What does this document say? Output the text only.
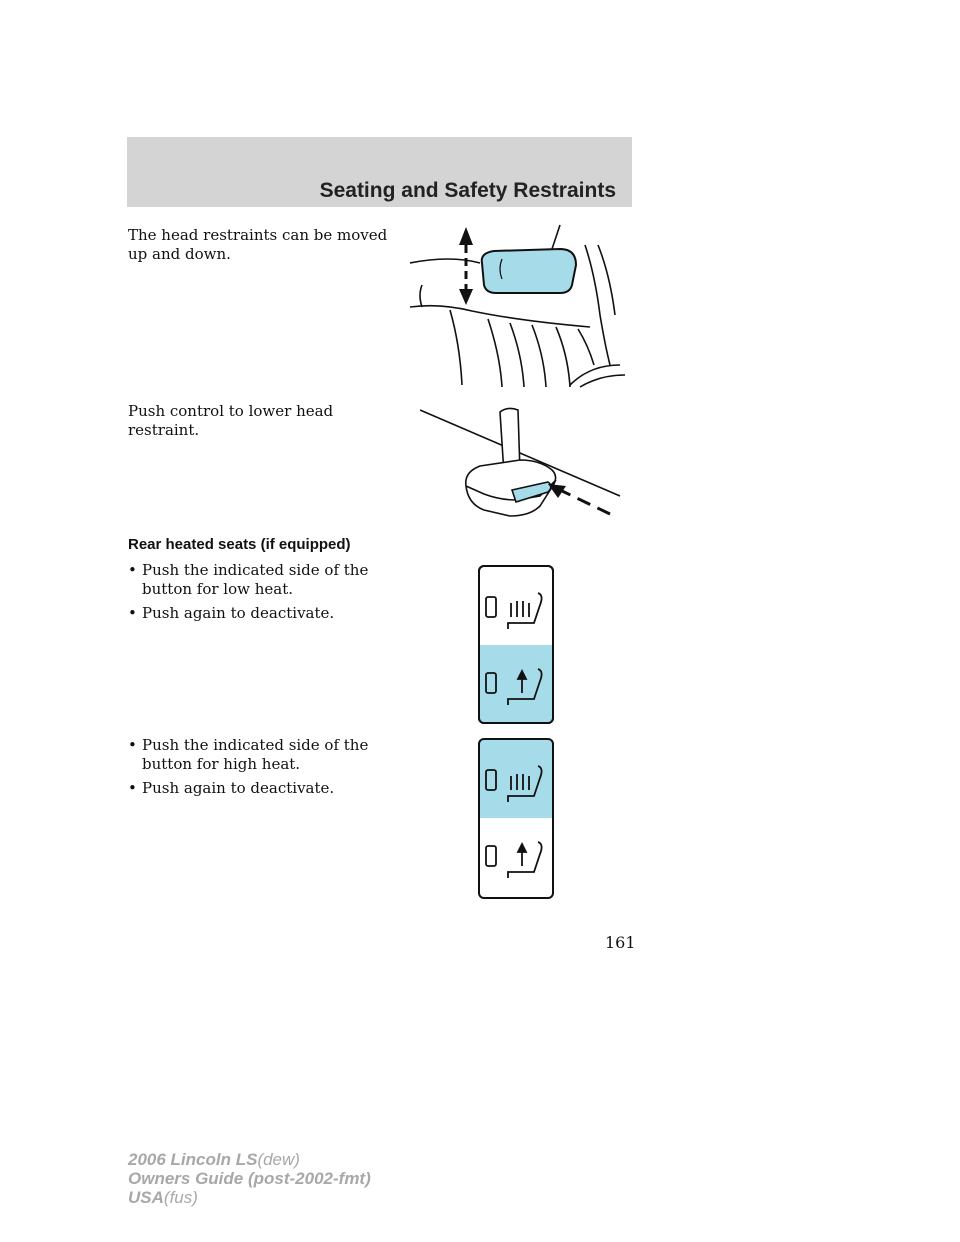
Seating and Safety Restraints
The head restraints can be moved
up and down.
Push control to lower head restraint.
Rear heated seats (if equipped)
• Push the indicated side of the
button for low heat.
• Push again to deactivate.
• Push the indicated side of the
button for high heat.
• Push again to deactivate.
161
2006 Lincoln LS(dew)
Owners Guide (post-2002-fmt)
USA(fus)
